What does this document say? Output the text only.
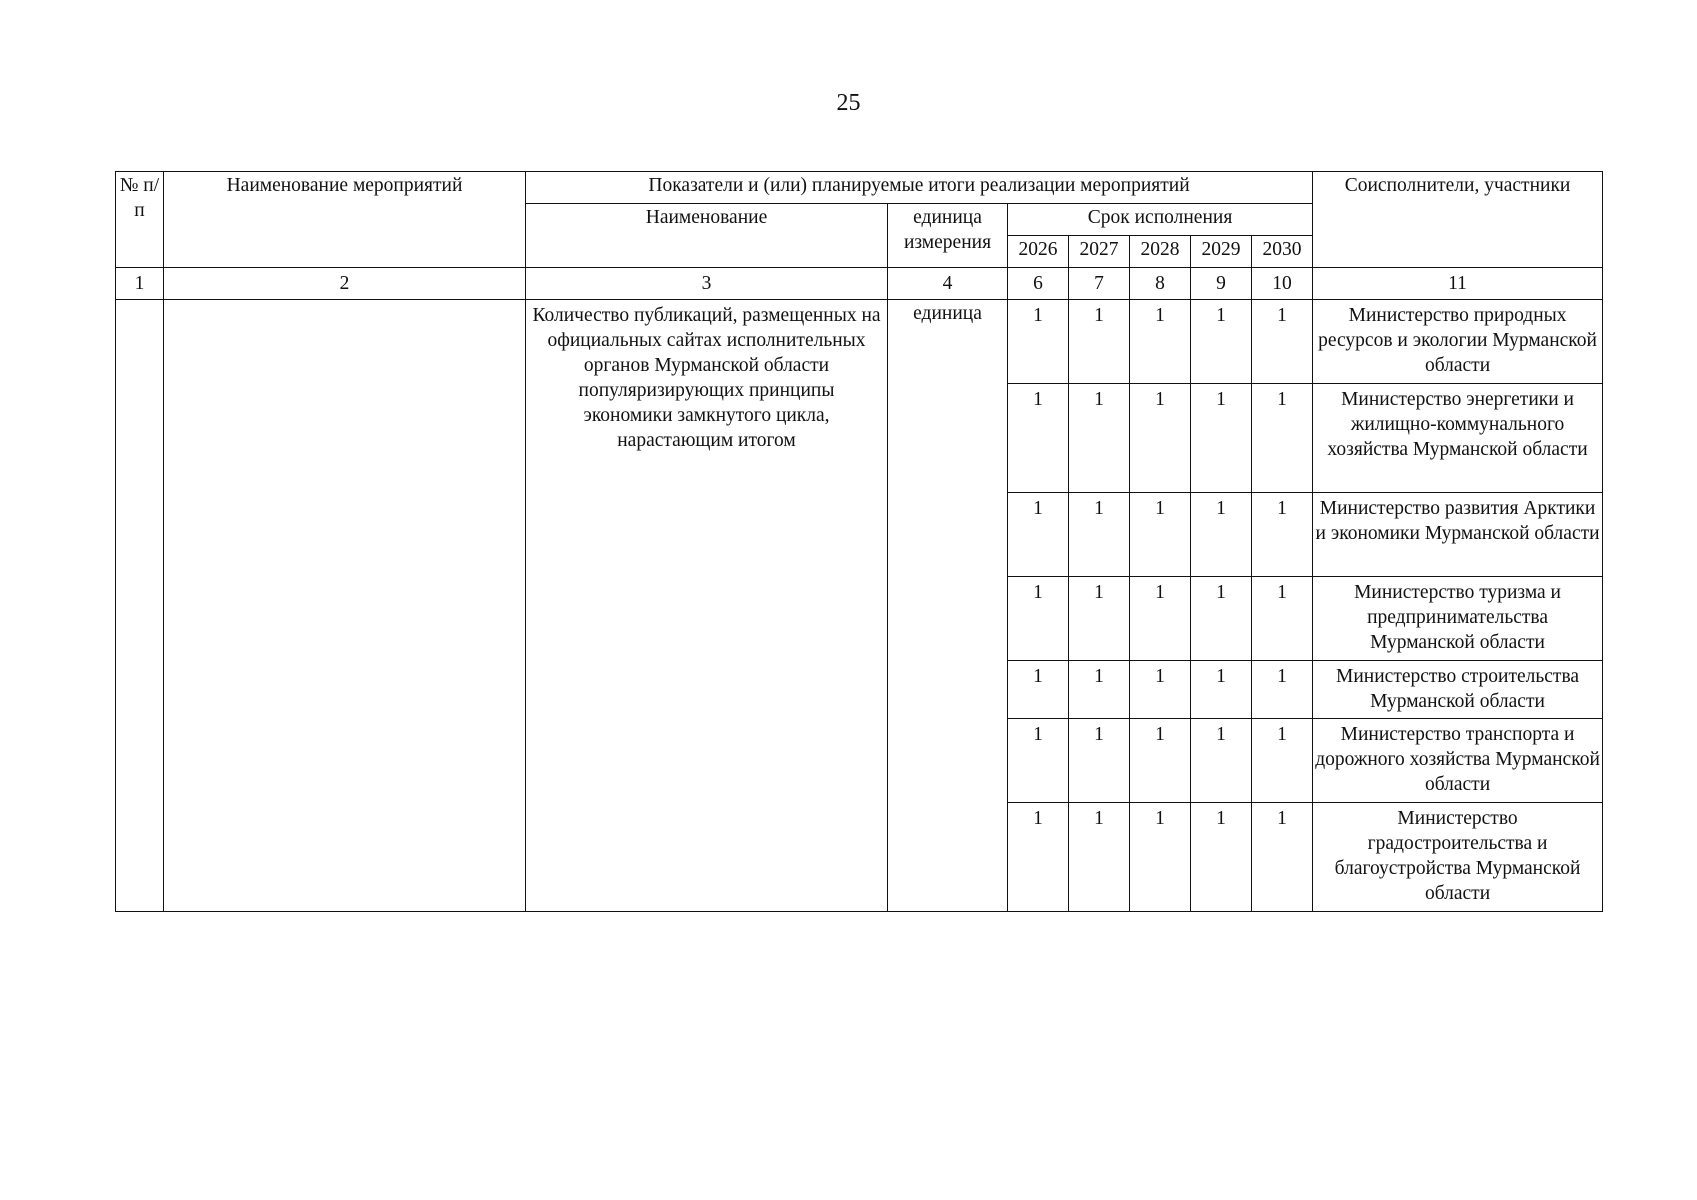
25
№ п/п	Наименование мероприятий	Показатели и (или) планируемые итоги реализации мероприятий							Соисполнители, участники
		Наименование	единица измерения	Срок исполнения					
				2026	2027	2028	2029	2030	
1	2	3	4	6	7	8	9	10	11
		Количество публикаций, размещенных на официальных сайтах исполнительных органов Мурманской области популяризирующих принципы экономики замкнутого цикла, нарастающим итогом	единица	1	1	1	1	1	Министерство природных ресурсов и экологии Мурманской области
				1	1	1	1	1	Министерство энергетики и жилищно-коммунального хозяйства Мурманской области
				1	1	1	1	1	Министерство развития Арктики и экономики Мурманской области
				1	1	1	1	1	Министерство туризма и предпринимательства Мурманской области
				1	1	1	1	1	Министерство строительства Мурманской области
				1	1	1	1	1	Министерство транспорта и дорожного хозяйства Мурманской области
				1	1	1	1	1	Министерство градостроительства и благоустройства Мурманской области
